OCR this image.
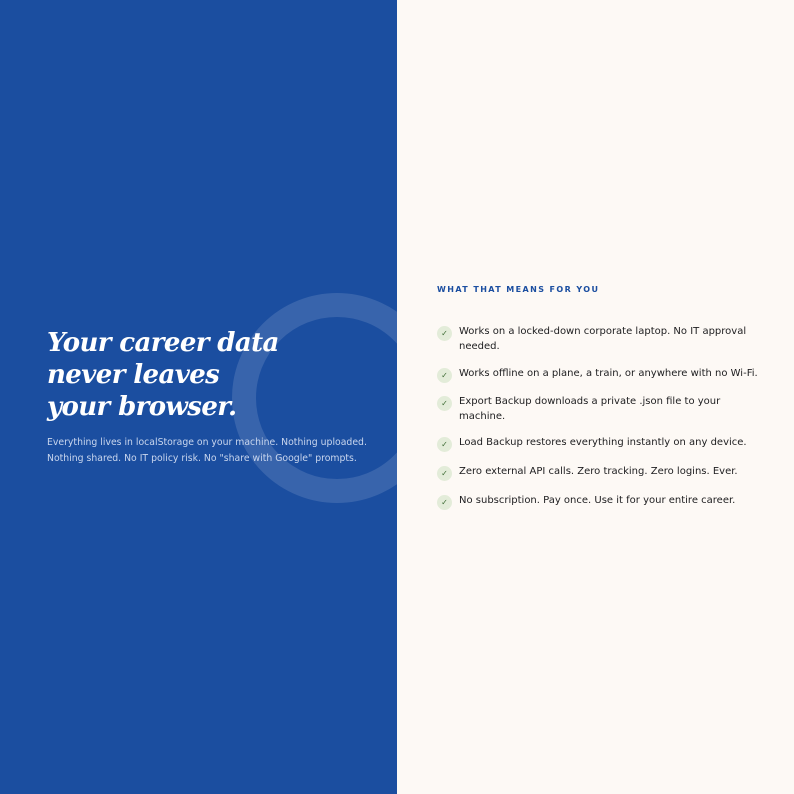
Your career data
never leaves
your browser.

Everything lives in localStorage on your machine. Nothing uploaded.
Nothing shared. No IT policy risk. No "share with Google" prompts.

WHAT THAT MEANS FOR YOU
✓	Works on a locked-down corporate laptop. No IT approval
needed.
✓	Works offline on a plane, a train, or anywhere with no Wi-Fi.
✓	Export Backup downloads a private .json file to your
machine.
✓	Load Backup restores everything instantly on any device.
✓	Zero external API calls. Zero tracking. Zero logins. Ever.
✓	No subscription. Pay once. Use it for your entire career.
